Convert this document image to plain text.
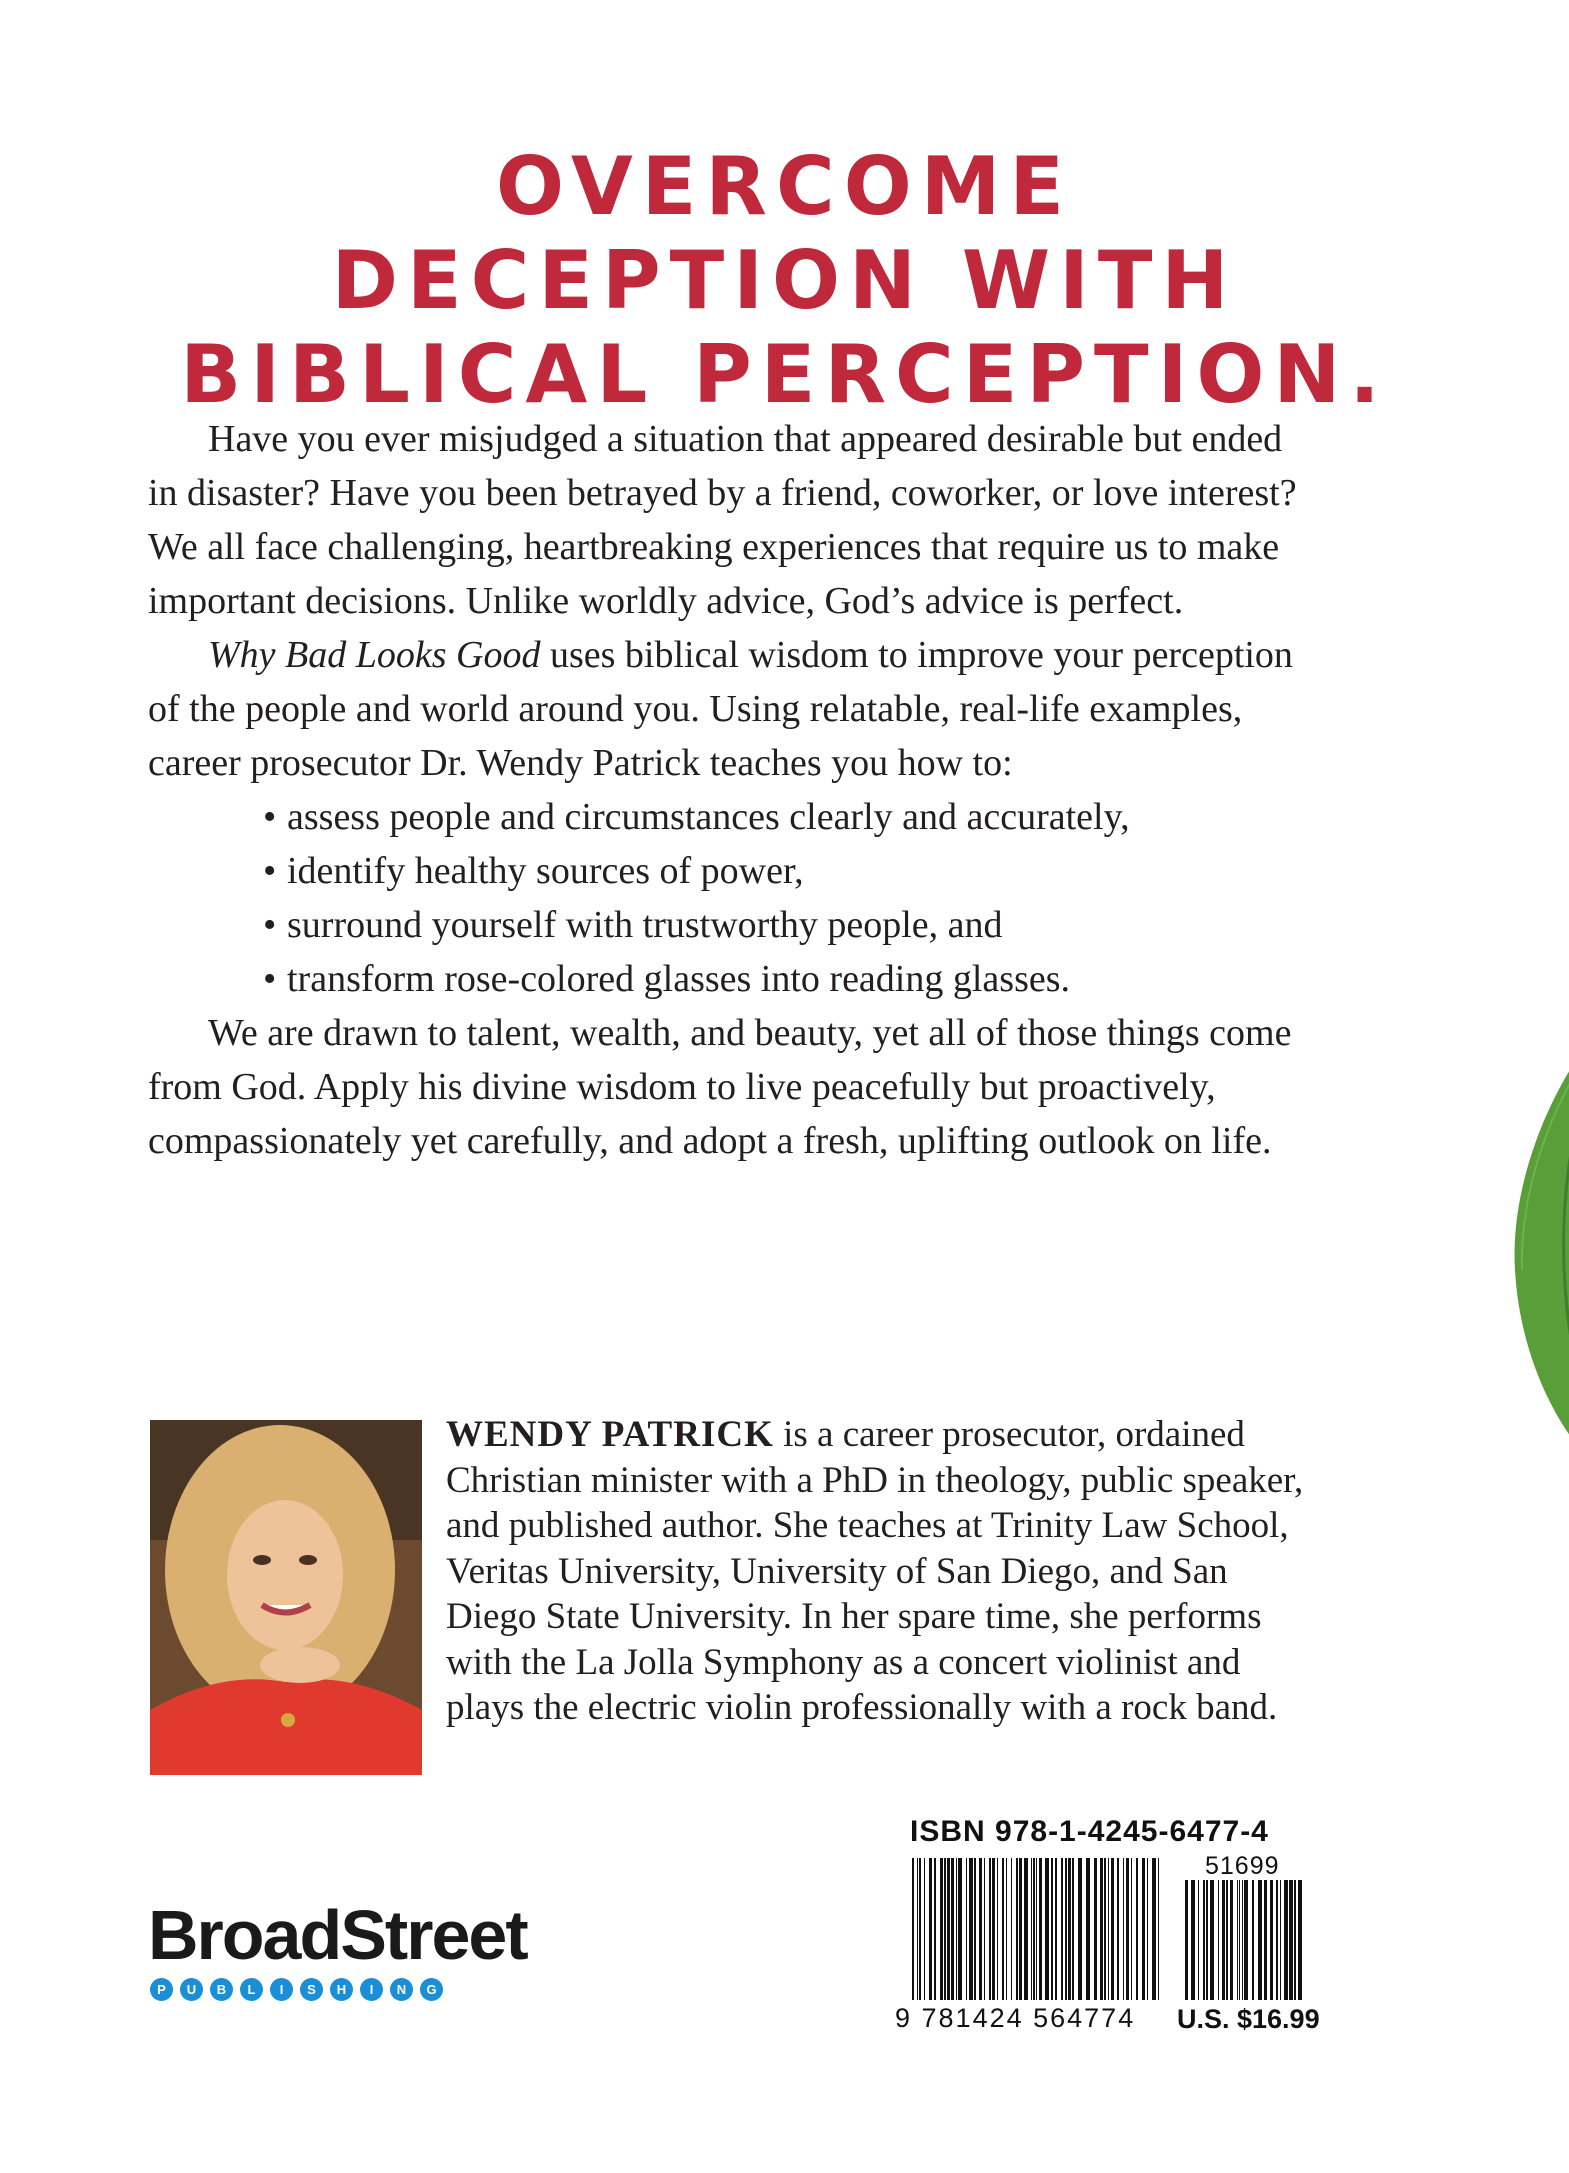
OVERCOME
DECEPTION WITH
BIBLICAL PERCEPTION.

Have you ever misjudged a situation that appeared desirable but ended in disaster? Have you been betrayed by a friend, coworker, or love interest? We all face challenging, heartbreaking experiences that require us to make important decisions. Unlike worldly advice, God’s advice is perfect.

Why Bad Looks Good uses biblical wisdom to improve your perception of the people and world around you. Using relatable, real-life examples, career prosecutor Dr. Wendy Patrick teaches you how to:

• assess people and circumstances clearly and accurately,
• identify healthy sources of power,
• surround yourself with trustworthy people, and
• transform rose-colored glasses into reading glasses.

We are drawn to talent, wealth, and beauty, yet all of those things come from God. Apply his divine wisdom to live peacefully but proactively, compassionately yet carefully, and adopt a fresh, uplifting outlook on life.

WENDY PATRICK is a career prosecutor, ordained Christian minister with a PhD in theology, public speaker, and published author. She teaches at Trinity Law School, Veritas University, University of San Diego, and San Diego State University. In her spare time, she performs with the La Jolla Symphony as a concert violinist and plays the electric violin professionally with a rock band.
BroadStreet
P	U	B	L	I	S	H	I	N	G
ISBN 978-1-4245-6477-4
51699
9 781424 564774 U.S. $16.99
